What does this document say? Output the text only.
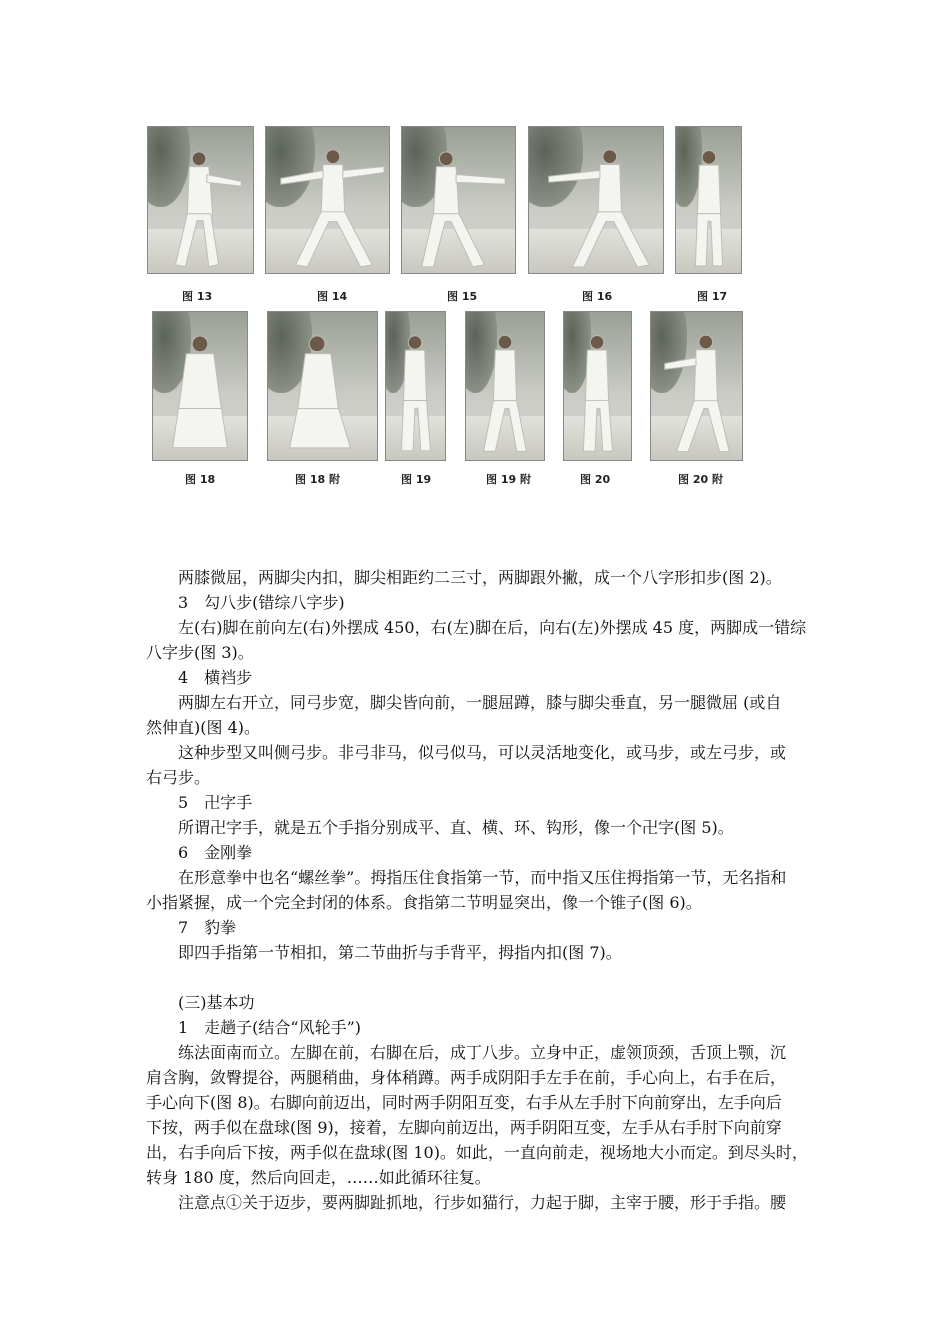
图 13	图 14	图 15	图 16	图 17
图 18	图 18 附	图 19	图 19 附	图 20	图 20 附
两膝微屈，两脚尖内扣，脚尖相距约二三寸，两脚跟外撇，成一个八字形扣步(图 2)。
3　勾八步(错综八字步)
左(右)脚在前向左(右)外摆成 450，右(左)脚在后，向右(左)外摆成 45 度，两脚成一错综
八字步(图 3)。
4　横裆步
两脚左右开立，同弓步宽，脚尖皆向前，一腿屈蹲，膝与脚尖垂直，另一腿微屈 (或自
然伸直)(图 4)。
这种步型又叫侧弓步。非弓非马，似弓似马，可以灵活地变化，或马步，或左弓步，或
右弓步。
5　卍字手
所谓卍字手，就是五个手指分别成平、直、横、环、钩形，像一个卍字(图 5)。
6　金刚拳
在形意拳中也名“螺丝拳”。拇指压住食指第一节，而中指又压住拇指第一节，无名指和
小指紧握，成一个完全封闭的体系。食指第二节明显突出，像一个锥子(图 6)。
7　豹拳
即四手指第一节相扣，第二节曲折与手背平，拇指内扣(图 7)。
(三)基本功
1　走趟子(结合“风轮手”)
练法面南而立。左脚在前，右脚在后，成丁八步。立身中正，虚领顶颈，舌顶上颚，沉
肩含胸，敛臀提谷，两腿稍曲，身体稍蹲。两手成阴阳手左手在前，手心向上，右手在后，
手心向下(图 8)。右脚向前迈出，同时两手阴阳互变，右手从左手肘下向前穿出，左手向后
下按，两手似在盘球(图 9)，接着，左脚向前迈出，两手阴阳互变，左手从右手肘下向前穿
出，右手向后下按，两手似在盘球(图 10)。如此，一直向前走，视场地大小而定。到尽头时，
转身 180 度，然后向回走，……如此循环往复。
注意点①关于迈步，要两脚趾抓地，行步如猫行，力起于脚，主宰于腰，形于手指。腰
